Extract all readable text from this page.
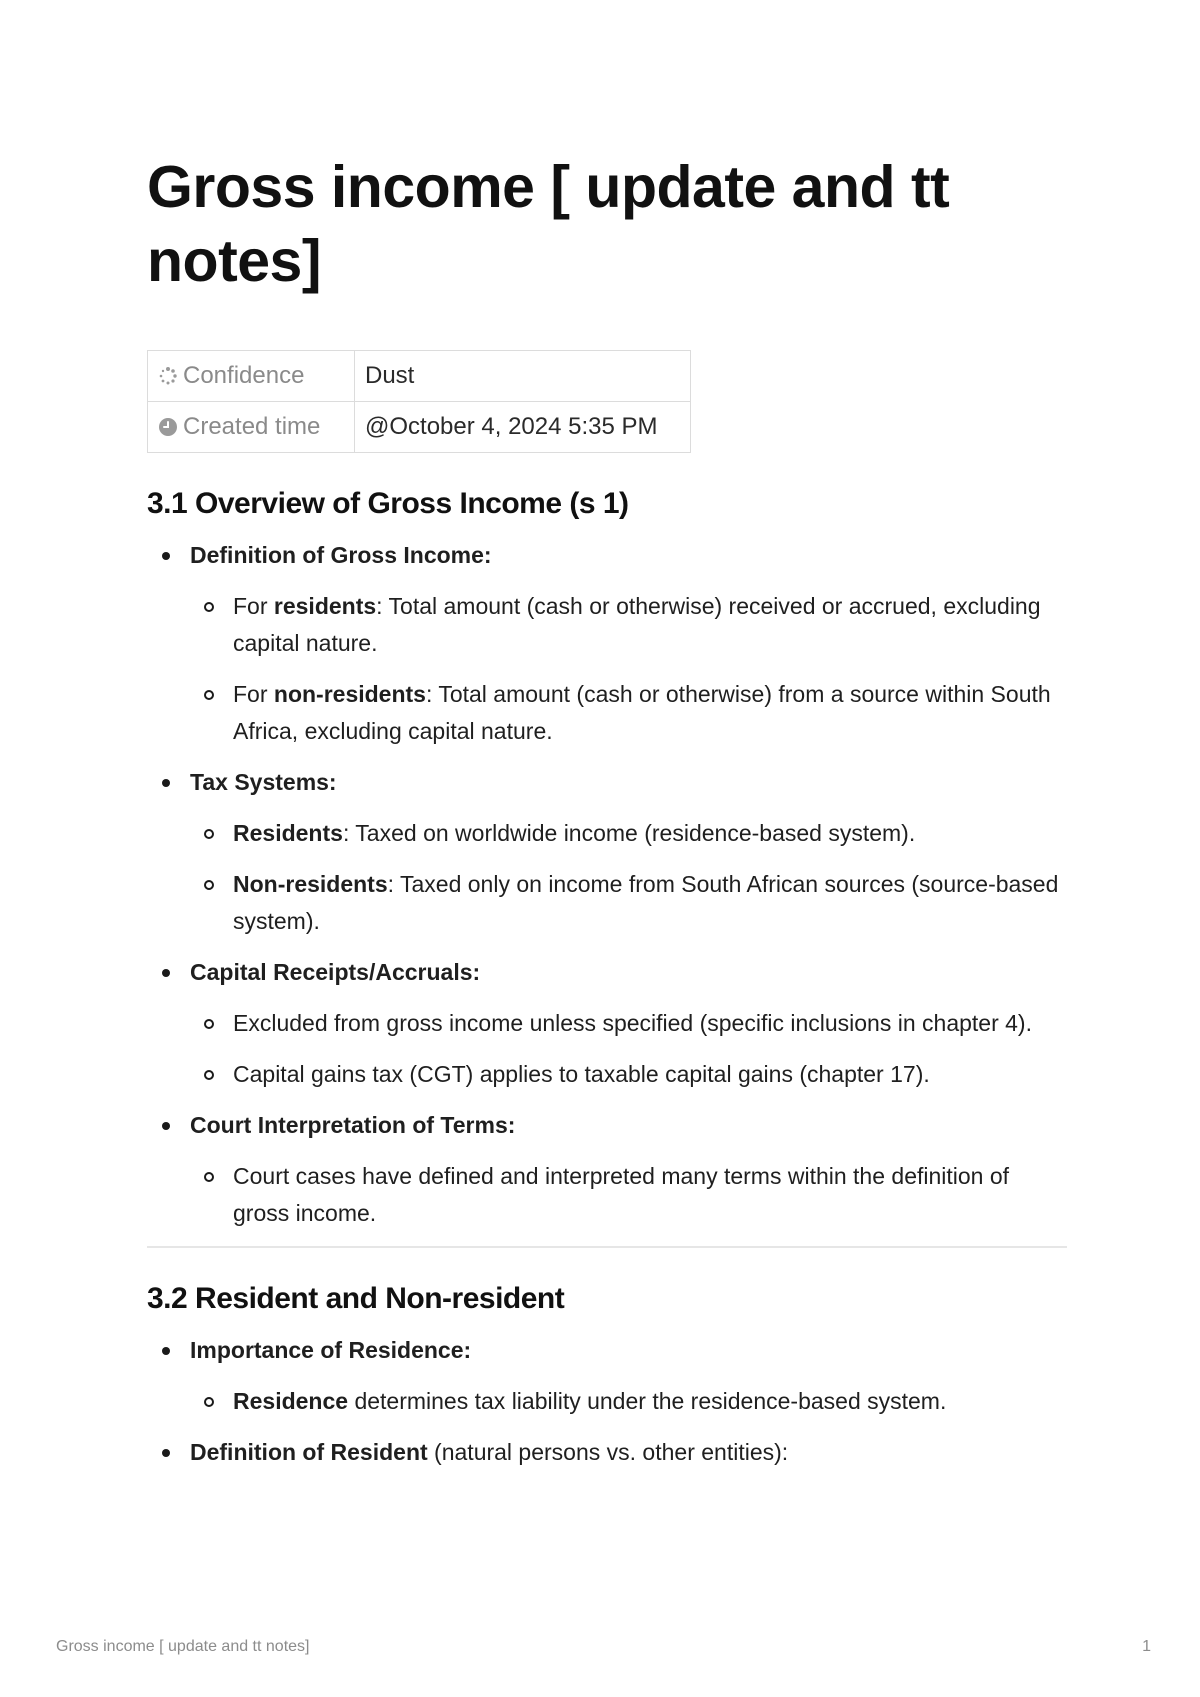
Gross income [ update and tt notes]
Confidence	Dust
Created time	@October 4, 2024 5:35 PM
3.1 Overview of Gross Income (s 1)
Definition of Gross Income:
For residents: Total amount (cash or otherwise) received or accrued, excluding capital nature.
For non-residents: Total amount (cash or otherwise) from a source within South Africa, excluding capital nature.
Tax Systems:
Residents: Taxed on worldwide income (residence-based system).
Non-residents: Taxed only on income from South African sources (source-based system).
Capital Receipts/Accruals:
Excluded from gross income unless specified (specific inclusions in chapter 4).
Capital gains tax (CGT) applies to taxable capital gains (chapter 17).
Court Interpretation of Terms:
Court cases have defined and interpreted many terms within the definition of gross income.
3.2 Resident and Non-resident
Importance of Residence:
Residence determines tax liability under the residence-based system.
Definition of Resident (natural persons vs. other entities):
Gross income [ update and tt notes]	1
